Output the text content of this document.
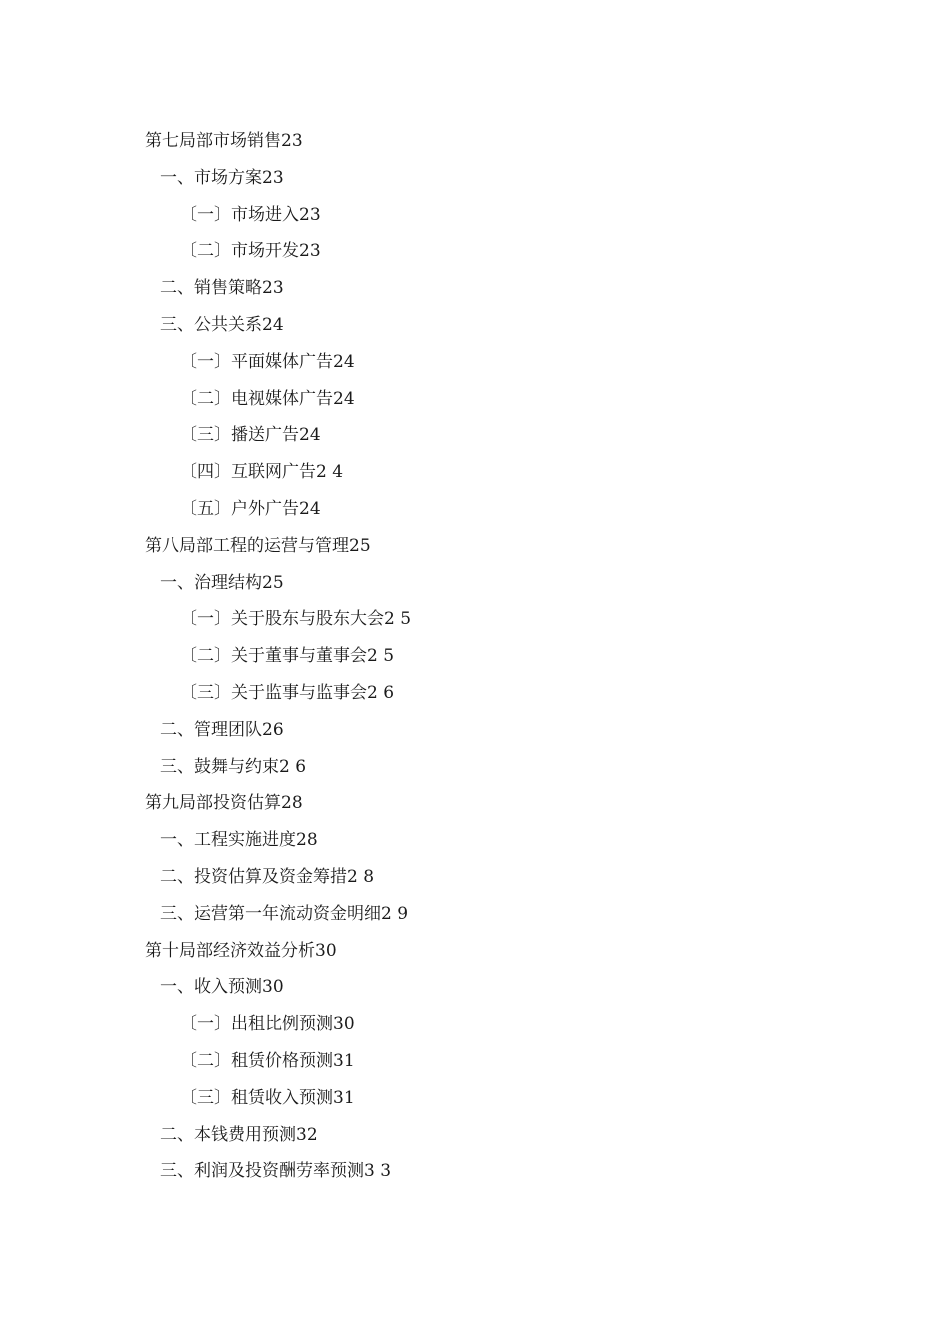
第七局部市场销售23
一、市场方案23
〔一〕市场进入23
〔二〕市场开发23
二、销售策略23
三、公共关系24
〔一〕平面媒体广告24
〔二〕电视媒体广告24
〔三〕播送广告24
〔四〕互联网广告2 4
〔五〕户外广告24
第八局部工程的运营与管理25
一、治理结构25
〔一〕关于股东与股东大会2 5
〔二〕关于董事与董事会2 5
〔三〕关于监事与监事会2 6
二、管理团队26
三、鼓舞与约束2 6
第九局部投资估算28
一、工程实施进度28
二、投资估算及资金筹措2 8
三、运营第一年流动资金明细2 9
第十局部经济效益分析30
一、收入预测30
〔一〕出租比例预测30
〔二〕租赁价格预测31
〔三〕租赁收入预测31
二、本钱费用预测32
三、利润及投资酬劳率预测3 3
